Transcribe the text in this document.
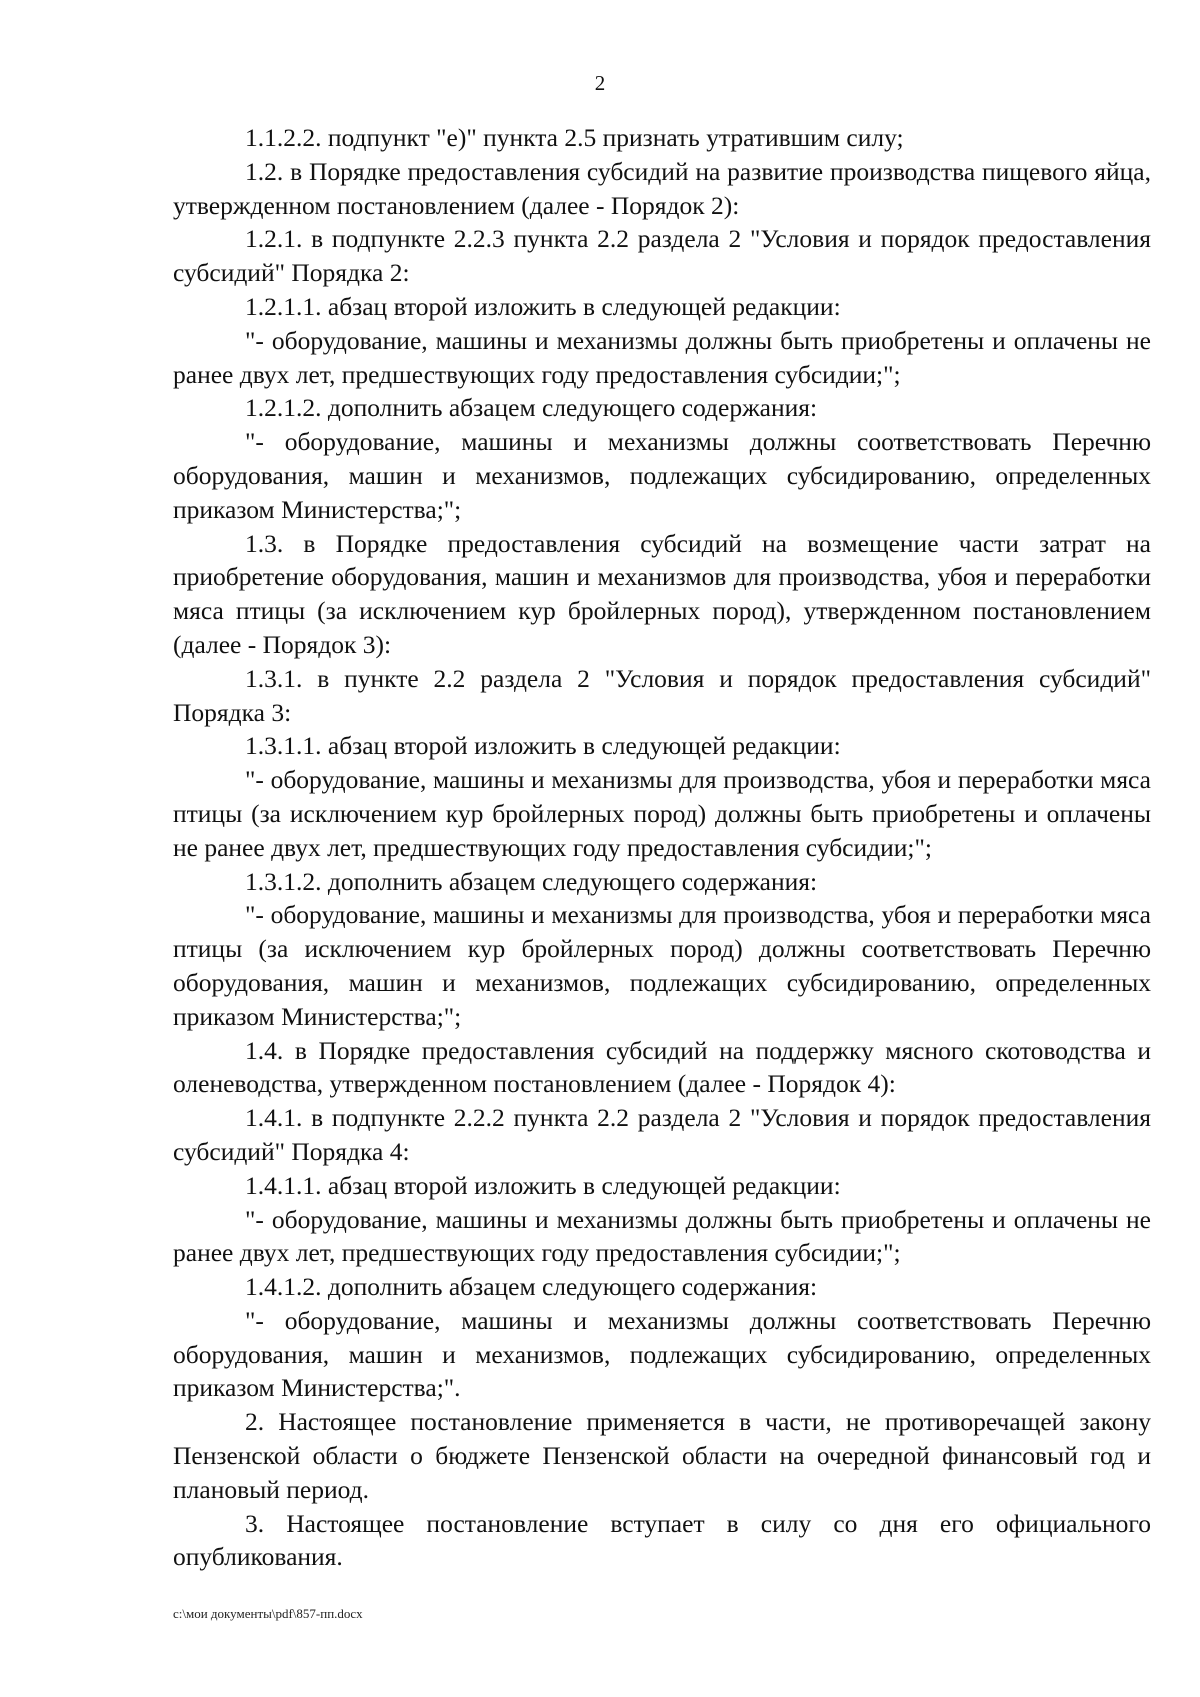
2

1.1.2.2. подпункт "е)" пункта 2.5 признать утратившим силу;

1.2. в Порядке предоставления субсидий на развитие производства пищевого яйца, утвержденном постановлением (далее - Порядок 2):

1.2.1. в подпункте 2.2.3 пункта 2.2 раздела 2 "Условия и порядок предоставления субсидий" Порядка 2:

1.2.1.1. абзац второй изложить в следующей редакции:

"- оборудование, машины и механизмы должны быть приобретены и оплачены не ранее двух лет, предшествующих году предоставления субсидии;";

1.2.1.2. дополнить абзацем следующего содержания:

"- оборудование, машины и механизмы должны соответствовать Перечню оборудования, машин и механизмов, подлежащих субсидированию, определенных приказом Министерства;";

1.3. в Порядке предоставления субсидий на возмещение части затрат на приобретение оборудования, машин и механизмов для производства, убоя и переработки мяса птицы (за исключением кур бройлерных пород), утвержденном постановлением (далее - Порядок 3):

1.3.1. в пункте 2.2 раздела 2 "Условия и порядок предоставления субсидий" Порядка 3:

1.3.1.1. абзац второй изложить в следующей редакции:

"- оборудование, машины и механизмы для производства, убоя и переработки мяса птицы (за исключением кур бройлерных пород) должны быть приобретены и оплачены не ранее двух лет, предшествующих году предоставления субсидии;";

1.3.1.2. дополнить абзацем следующего содержания:

"- оборудование, машины и механизмы для производства, убоя и переработки мяса птицы (за исключением кур бройлерных пород) должны соответствовать Перечню оборудования, машин и механизмов, подлежащих субсидированию, определенных приказом Министерства;";

1.4. в Порядке предоставления субсидий на поддержку мясного скотоводства и оленеводства, утвержденном постановлением (далее - Порядок 4):

1.4.1. в подпункте 2.2.2 пункта 2.2 раздела 2 "Условия и порядок предоставления субсидий" Порядка 4:

1.4.1.1. абзац второй изложить в следующей редакции:

"- оборудование, машины и механизмы должны быть приобретены и оплачены не ранее двух лет, предшествующих году предоставления субсидии;";

1.4.1.2. дополнить абзацем следующего содержания:

"- оборудование, машины и механизмы должны соответствовать Перечню оборудования, машин и механизмов, подлежащих субсидированию, определенных приказом Министерства;".

2. Настоящее постановление применяется в части, не противоречащей закону Пензенской области о бюджете Пензенской области на очередной финансовый год и плановый период.

3. Настоящее постановление вступает в силу со дня его официального опубликования.

c:\мои документы\pdf\857-пп.docx
